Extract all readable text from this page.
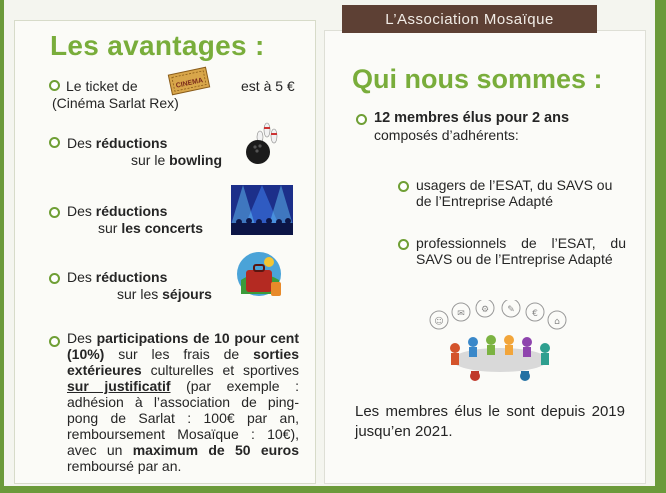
L’Association Mosaïque
Les avantages :
Le ticket de	CINEMA	est à 5 €
(Cinéma Sarlat Rex)
Des réductions
sur le bowling
Des réductions
sur les concerts
Des réductions
sur les séjours
Des participations de 10 pour cent (10%) sur les frais de sorties extérieures culturelles et sportives sur justificatif (par exemple : adhésion à l’association de ping-pong de Sarlat : 100€ par an, remboursement Mosaïque : 10€), avec un maximum de 50 euros remboursé par an.
Qui nous sommes :
12 membres élus pour 2 ans
composés d’adhérents:
usagers de l’ESAT, du SAVS ou de l’Entreprise Adapté
professionnels de l’ESAT, du SAVS ou de l’Entreprise Adapté
☺
✉ ⚙ ✎ €
⌂
Les membres élus le sont depuis 2019 jusqu’en 2021.
